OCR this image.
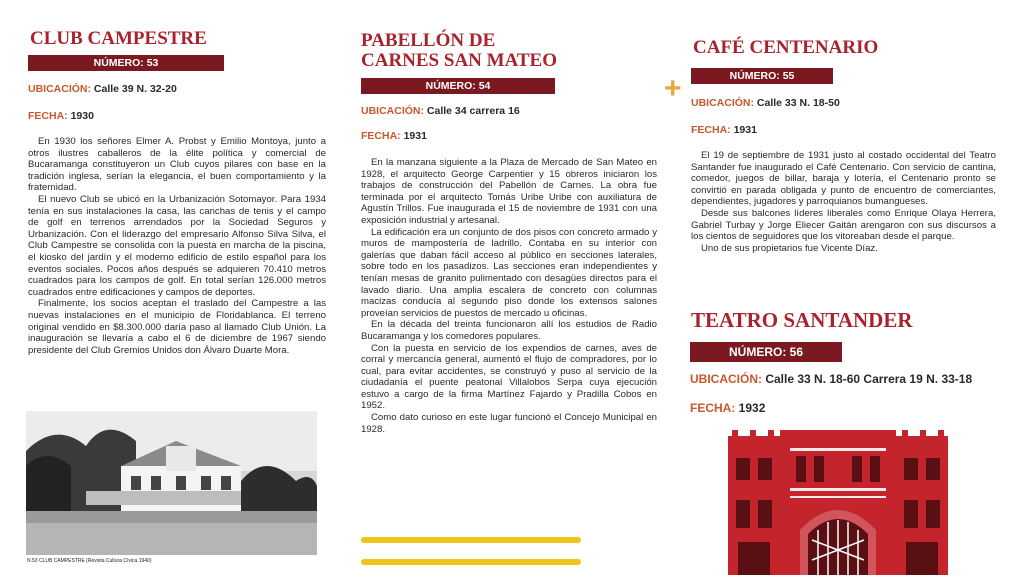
CLUB CAMPESTRE
NÚMERO: 53

UBICACIÓN: Calle 39 N. 32-20

FECHA: 1930

En 1930 los señores Elmer A. Probst y Emilio Montoya, junto a otros ilustres caballeros de la élite política y comercial de Bucaramanga constituyeron un Club cuyos pilares con base en la tradición inglesa, serían la elegancia, el buen comportamiento y la fraternidad.

El nuevo Club se ubicó en la Urbanización Sotomayor. Para 1934 tenía en sus instalaciones la casa, las canchas de tenis y el campo de golf en terrenos arrendados por la Sociedad Seguros y Urbanización. Con el liderazgo del empresario Alfonso Silva Silva, el Club Campestre se consolida con la puesta en marcha de la piscina, el kiosko del jardín y el moderno edificio de estilo español para los eventos sociales. Pocos años después se adquieren 70.410 metros cuadrados para los campos de golf. En total serían 126.000 metros cuadrados entre edificaciones y campos de deportes.

Finalmente, los socios aceptan el traslado del Campestre a las nuevas instalaciones en el municipio de Floridablanca. El terreno original vendido en $8.300.000 daría paso al llamado Club Unión. La inauguración se llevaría a cabo el 6 de diciembre de 1967 siendo presidente del Club Gremios Unidos don Álvaro Duarte Mora.

N.53 CLUB CAMPESTRE (Revista Cultura Cívica 1940)
PABELLÓN DE
CARNES SAN MATEO
NÚMERO: 54

UBICACIÓN: Calle 34 carrera 16

FECHA: 1931

En la manzana siguiente a la Plaza de Mercado de San Mateo en 1928, el arquitecto George Carpentier y 15 obreros iniciaron los trabajos de construcción del Pabellón de Carnes. La obra fue terminada por el arquitecto Tomás Uribe Uribe con auxiliatura de Agustín Trillos. Fue inaugurada el 15 de noviembre de 1931 con una exposición industrial y artesanal.

La edificación era un conjunto de dos pisos con concreto armado y muros de mampostería de ladrillo. Contaba en su interior con galerías que daban fácil acceso al público en secciones laterales, sobre todo en los pasadizos. Las secciones eran independientes y tenían mesas de granito pulimentado con desagües directos para el lavado diario. Una amplia escalera de concreto con columnas macizas conducía al segundo piso donde los extensos salones proveían servicios de puestos de mercado u oficinas.

En la década del treinta funcionaron allí los estudios de Radio Bucaramanga y los comedores populares.

Con la puesta en servicio de los expendios de carnes, aves de corral y mercancía general, aumentó el flujo de compradores, por lo cual, para evitar accidentes, se construyó y puso al servicio de la ciudadanía el puente peatonal Villalobos Serpa cuya ejecución estuvo a cargo de la firma Martínez Fajardo y Pradilla Cobos en 1952.

Como dato curioso en este lugar funcionó el Concejo Municipal en 1928.

+
CAFÉ CENTENARIO
NÚMERO: 55

UBICACIÓN: Calle 33 N. 18-50

FECHA: 1931

El 19 de septiembre de 1931 justo al costado occidental del Teatro Santander fue inaugurado el Café Centenario. Con servicio de cantina, comedor, juegos de billar, baraja y lotería, el Centenario pronto se convirtió en parada obligada y punto de encuentro de comerciantes, dependientes, jugadores y parroquianos bumangueses.

Desde sus balcones líderes liberales como Enrique Olaya Herrera, Gabriel Turbay y Jorge Eliecer Gaitán arengaron con sus discursos a los cientos de seguidores que los vitoreaban desde el parque.

Uno de sus propietarios fue Vicente Díaz.

TEATRO SANTANDER
NÚMERO: 56

UBICACIÓN: Calle 33 N. 18-60 Carrera 19 N. 33-18

FECHA: 1932
